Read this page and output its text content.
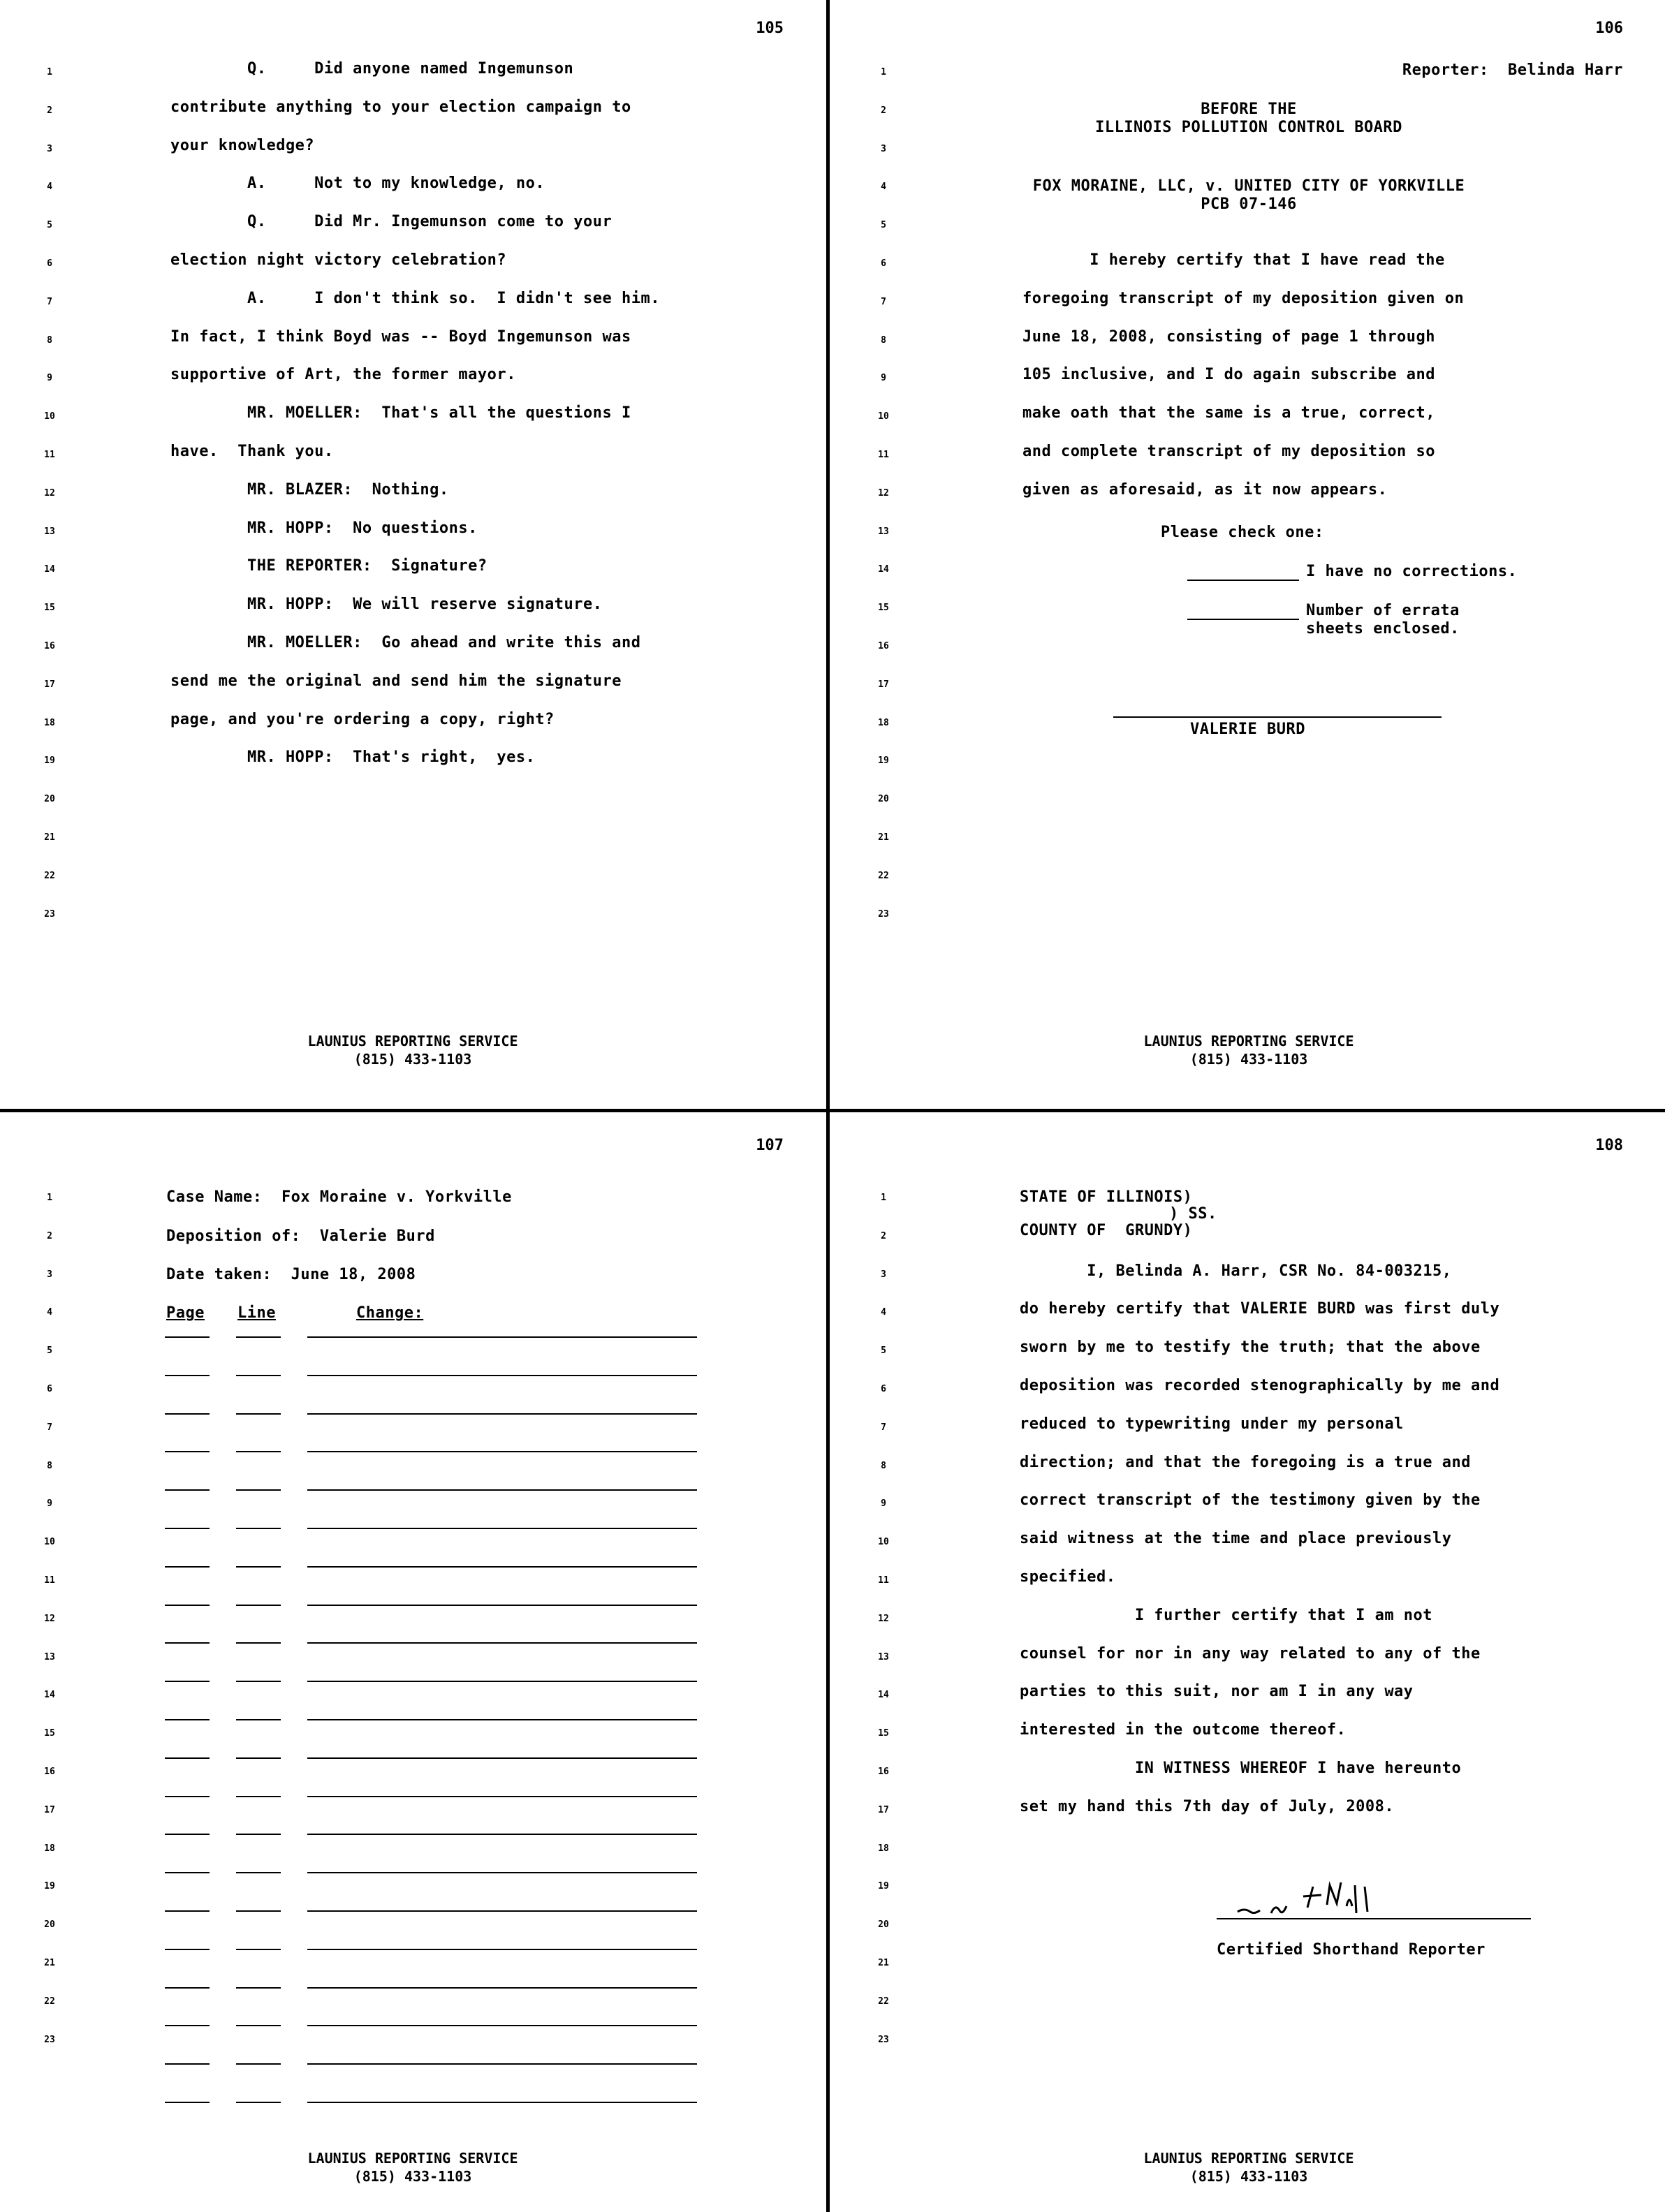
105
1
2
3
4
5
6
7
8
9
10
11
12
13
14
15
16
17
18
19
20
21
22
23
Q.     Did anyone named Ingemunson
contribute anything to your election campaign to
your knowledge?
A.     Not to my knowledge, no.
Q.     Did Mr. Ingemunson come to your
election night victory celebration?
A.     I don't think so.  I didn't see him.
In fact, I think Boyd was -- Boyd Ingemunson was
supportive of Art, the former mayor.
MR. MOELLER:  That's all the questions I
have.  Thank you.
MR. BLAZER:  Nothing.
MR. HOPP:  No questions.
THE REPORTER:  Signature?
MR. HOPP:  We will reserve signature.
MR. MOELLER:  Go ahead and write this and
send me the original and send him the signature
page, and you're ordering a copy, right?
MR. HOPP:  That's right,  yes.
LAUNIUS REPORTING SERVICE
(815) 433-1103
106
Reporter:  Belinda Harr
BEFORE THE
ILLINOIS POLLUTION CONTROL BOARD
FOX MORAINE, LLC, v. UNITED CITY OF YORKVILLE
PCB 07-146
1
2
3
4
5
6
7
8
9
10
11
12
13
14
15
16
17
18
19
20
21
22
23
I hereby certify that I have read the
foregoing transcript of my deposition given on
June 18, 2008, consisting of page 1 through
105 inclusive, and I do again subscribe and
make oath that the same is a true, correct,
and complete transcript of my deposition so
given as aforesaid, as it now appears.
Please check one:
I have no corrections.
Number of errata
sheets enclosed.
VALERIE BURD
LAUNIUS REPORTING SERVICE
(815) 433-1103
107
1
2
3
4
5
6
7
8
9
10
11
12
13
14
15
16
17
18
19
20
21
22
23
Case Name:  Fox Moraine v. Yorkville
Deposition of:  Valerie Burd
Date taken:  June 18, 2008
Page Line	Change:
LAUNIUS REPORTING SERVICE
(815) 433-1103
108
1
2
3
4
5
6
7
8
9
10
11
12
13
14
15
16
17
18
19
20
21
22
23
STATE OF ILLINOIS)
) SS.
COUNTY OF  GRUNDY)
I, Belinda A. Harr, CSR No. 84-003215,
do hereby certify that VALERIE BURD was first duly
sworn by me to testify the truth; that the above
deposition was recorded stenographically by me and
reduced to typewriting under my personal
direction; and that the foregoing is a true and
correct transcript of the testimony given by the
said witness at the time and place previously
specified.
I further certify that I am not
counsel for nor in any way related to any of the
parties to this suit, nor am I in any way
interested in the outcome thereof.
IN WITNESS WHEREOF I have hereunto
set my hand this 7th day of July, 2008.
Certified Shorthand Reporter
LAUNIUS REPORTING SERVICE
(815) 433-1103
